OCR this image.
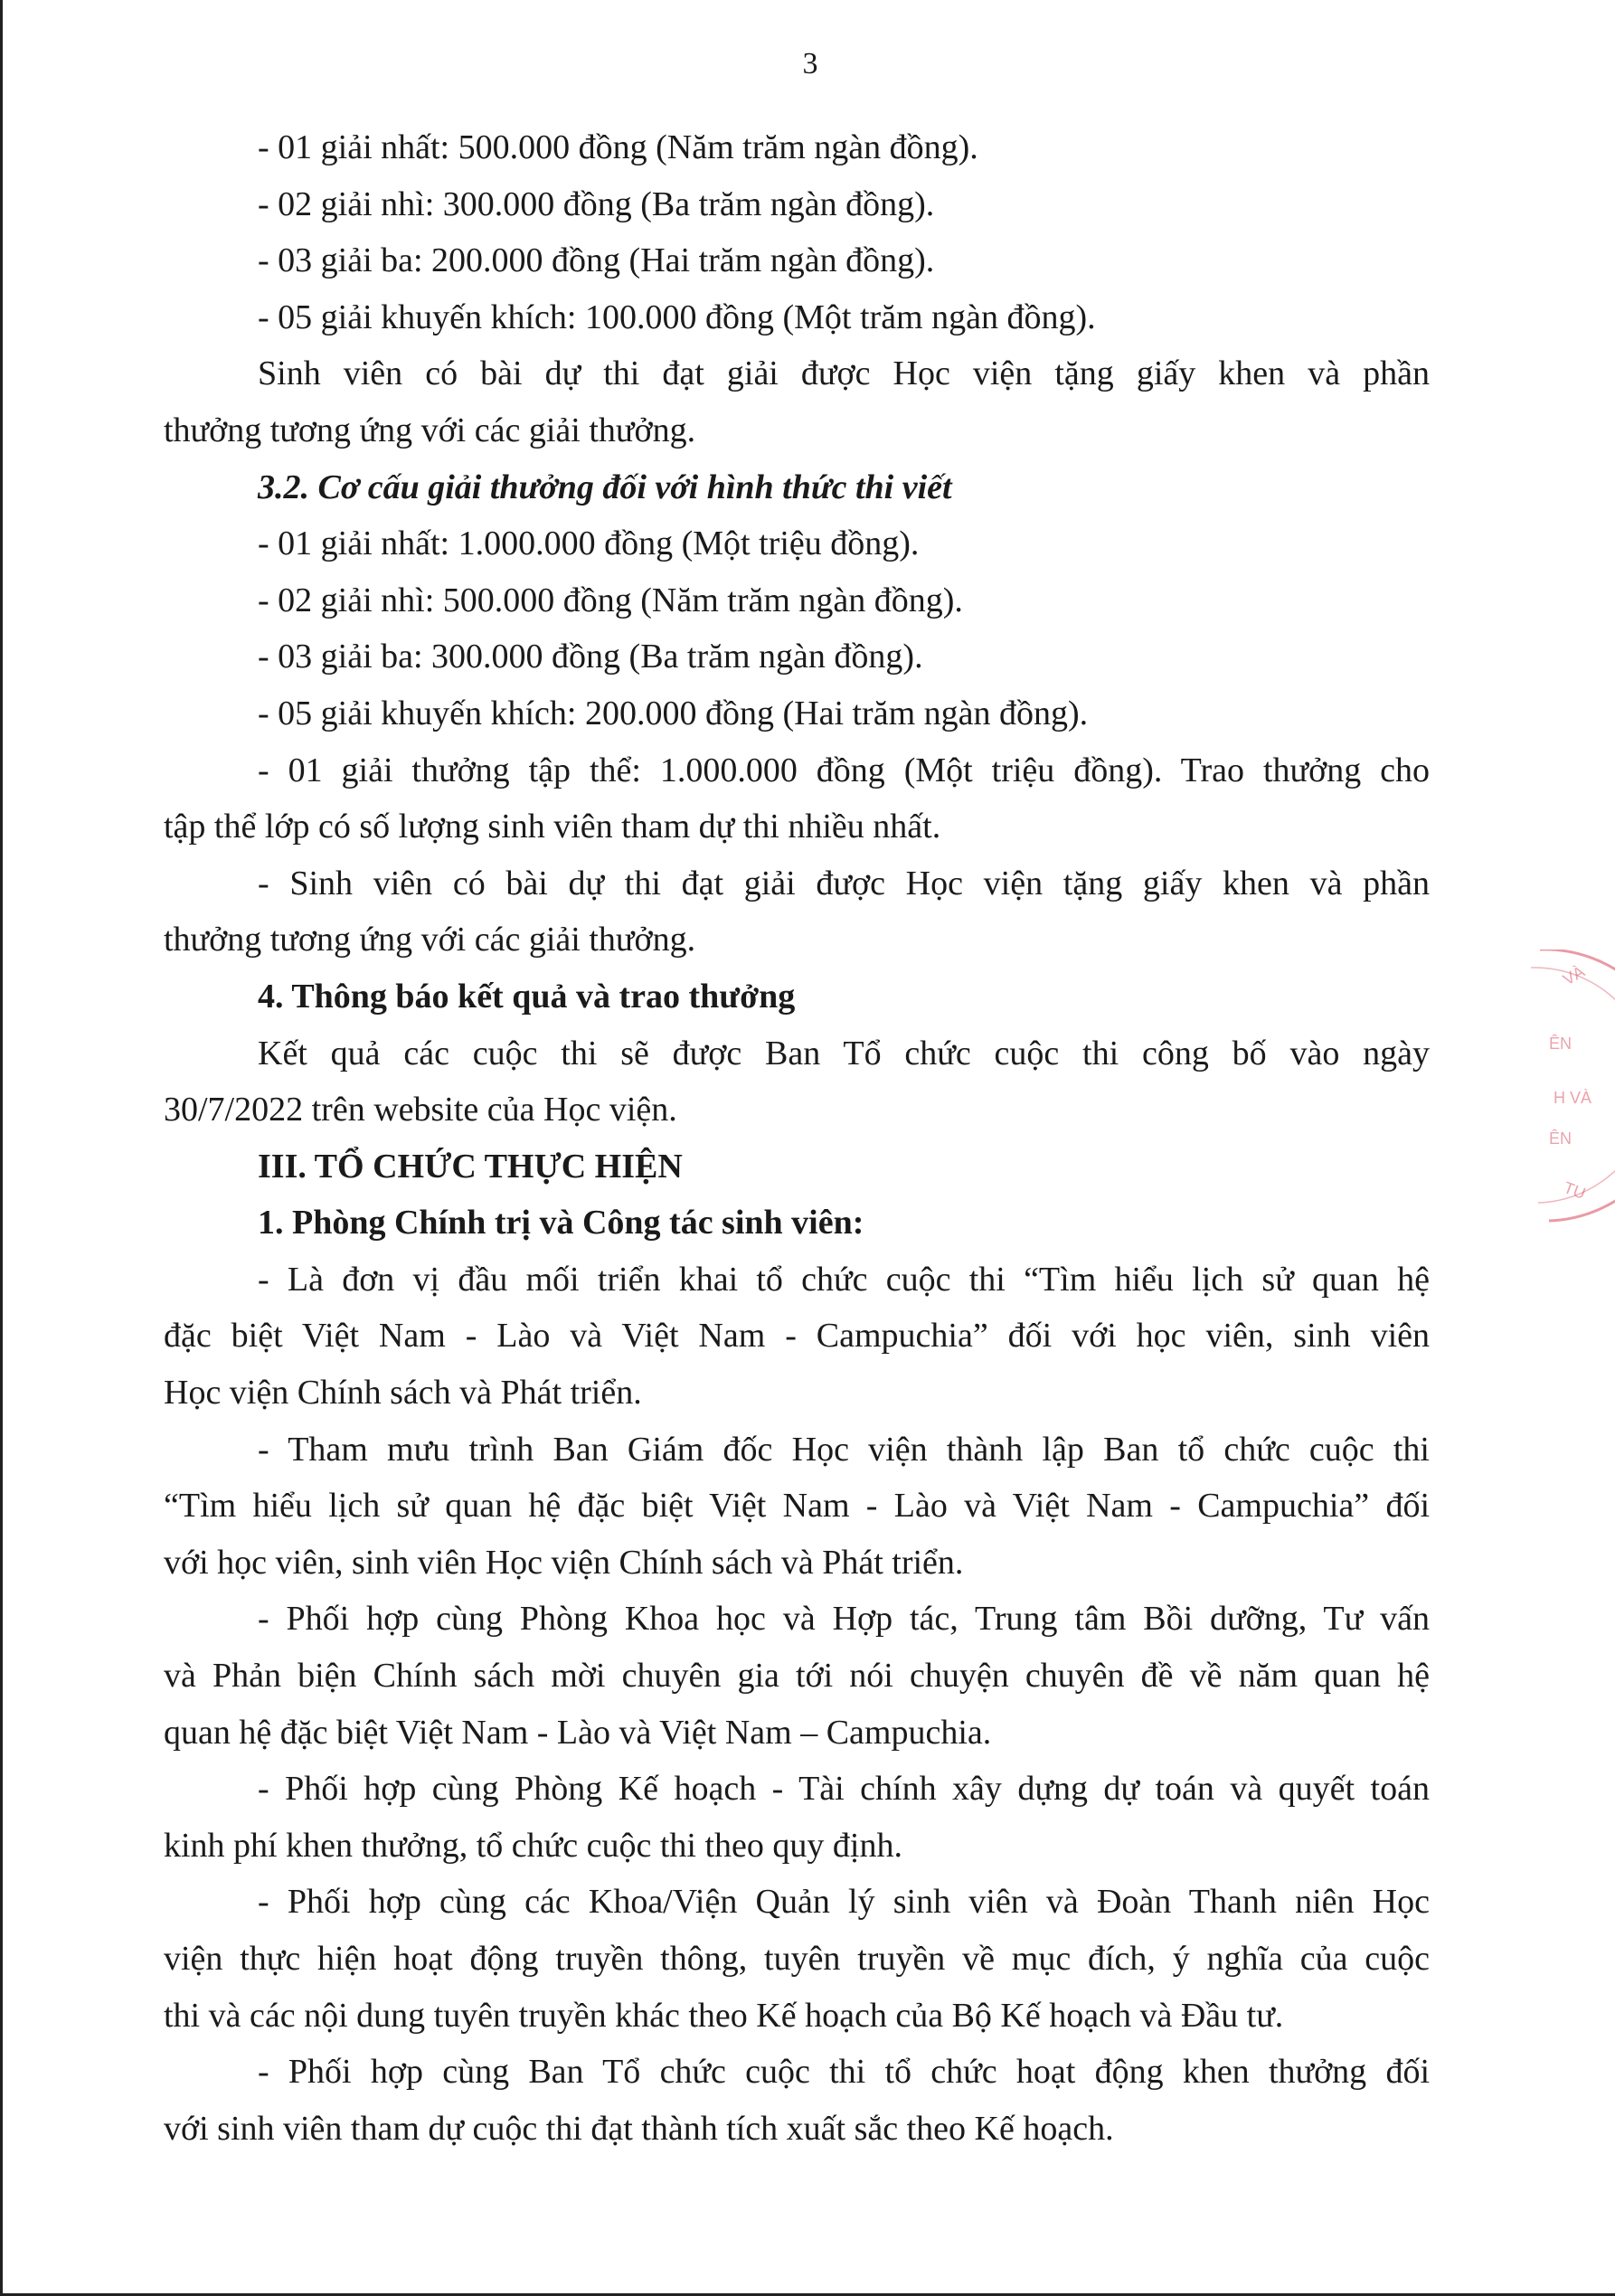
3
- 01 giải nhất: 500.000 đồng (Năm trăm ngàn đồng).
- 02 giải nhì: 300.000 đồng (Ba trăm ngàn đồng).
- 03 giải ba: 200.000 đồng (Hai trăm ngàn đồng).
- 05 giải khuyến khích: 100.000 đồng (Một trăm ngàn đồng).
Sinh viên có bài dự thi đạt giải được Học viện tặng giấy khen và phần
thưởng tương ứng với các giải thưởng.
3.2. Cơ cấu giải thưởng đối với hình thức thi viết
- 01 giải nhất: 1.000.000 đồng (Một triệu đồng).
- 02 giải nhì: 500.000 đồng (Năm trăm ngàn đồng).
- 03 giải ba: 300.000 đồng (Ba trăm ngàn đồng).
- 05 giải khuyến khích: 200.000 đồng (Hai trăm ngàn đồng).
- 01 giải thưởng tập thể: 1.000.000 đồng (Một triệu đồng). Trao thưởng cho
tập thể lớp có số lượng sinh viên tham dự thi nhiều nhất.
- Sinh viên có bài dự thi đạt giải được Học viện tặng giấy khen và phần
thưởng tương ứng với các giải thưởng.
4. Thông báo kết quả và trao thưởng
Kết quả các cuộc thi sẽ được Ban Tổ chức cuộc thi công bố vào ngày
30/7/2022 trên website của Học viện.
III. TỔ CHỨC THỰC HIỆN
1. Phòng Chính trị và Công tác sinh viên:
- Là đơn vị đầu mối triển khai tổ chức cuộc thi “Tìm hiểu lịch sử quan hệ
đặc biệt Việt Nam - Lào và Việt Nam - Campuchia” đối với học viên, sinh viên
Học viện Chính sách và Phát triển.
- Tham mưu trình Ban Giám đốc Học viện thành lập Ban tổ chức cuộc thi
“Tìm hiểu lịch sử quan hệ đặc biệt Việt Nam - Lào và Việt Nam - Campuchia” đối
với học viên, sinh viên Học viện Chính sách và Phát triển.
- Phối hợp cùng Phòng Khoa học và Hợp tác, Trung tâm Bồi dưỡng, Tư vấn
và Phản biện Chính sách mời chuyên gia tới nói chuyện chuyên đề về năm quan hệ
quan hệ đặc biệt Việt Nam - Lào và Việt Nam – Campuchia.
- Phối hợp cùng Phòng Kế hoạch - Tài chính xây dựng dự toán và quyết toán
kinh phí khen thưởng, tổ chức cuộc thi theo quy định.
- Phối hợp cùng các Khoa/Viện Quản lý sinh viên và Đoàn Thanh niên Học
viện thực hiện hoạt động truyền thông, tuyên truyền về mục đích, ý nghĩa của cuộc
thi và các nội dung tuyên truyền khác theo Kế hoạch của Bộ Kế hoạch và Đầu tư.
- Phối hợp cùng Ban Tổ chức cuộc thi tổ chức hoạt động khen thưởng đối
với sinh viên tham dự cuộc thi đạt thành tích xuất sắc theo Kế hoạch.
VÀ
ÊN
H VÀ
ÊN
TU
